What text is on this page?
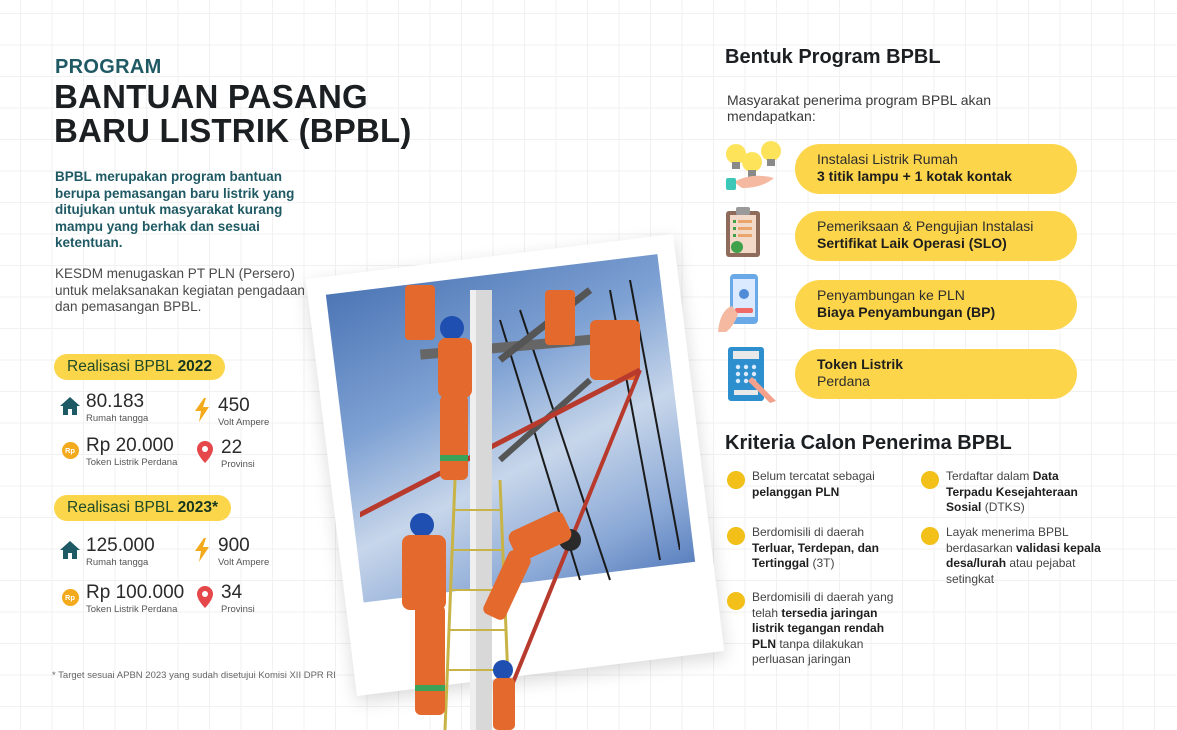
PROGRAM
BANTUAN PASANG
BARU LISTRIK (BPBL)
BPBL merupakan program bantuan berupa pemasangan baru listrik yang ditujukan untuk masyarakat kurang mampu yang berhak dan sesuai ketentuan.
KESDM menugaskan PT PLN (Persero) untuk melaksanakan kegiatan pengadaan dan pemasangan BPBL.
Realisasi BPBL 2022
80.183
Rumah tangga
450
Volt Ampere
Rp Rp 20.000
Token Listrik Perdana
22
Provinsi
Realisasi BPBL 2023*
125.000
Rumah tangga
900
Volt Ampere
Rp Rp 100.000
Token Listrik Perdana
34
Provinsi
* Target sesuai APBN 2023 yang sudah disetujui Komisi XII DPR RI
Bentuk Program BPBL
Masyarakat penerima program BPBL akan mendapatkan:
Instalasi Listrik Rumah
3 titik lampu + 1 kotak kontak
Pemeriksaan & Pengujian Instalasi
Sertifikat Laik Operasi (SLO)
Penyambungan ke PLN
Biaya Penyambungan (BP)
Token Listrik
Perdana
Kriteria Calon Penerima BPBL
Belum tercatat sebagai pelanggan PLN
Berdomisili di daerah Terluar, Terdepan, dan Tertinggal (3T)
Berdomisili di daerah yang telah tersedia jaringan listrik tegangan rendah PLN tanpa dilakukan perluasan jaringan
Terdaftar dalam Data Terpadu Kesejahteraan Sosial (DTKS)
Layak menerima BPBL berdasarkan validasi kepala desa/lurah atau pejabat setingkat
